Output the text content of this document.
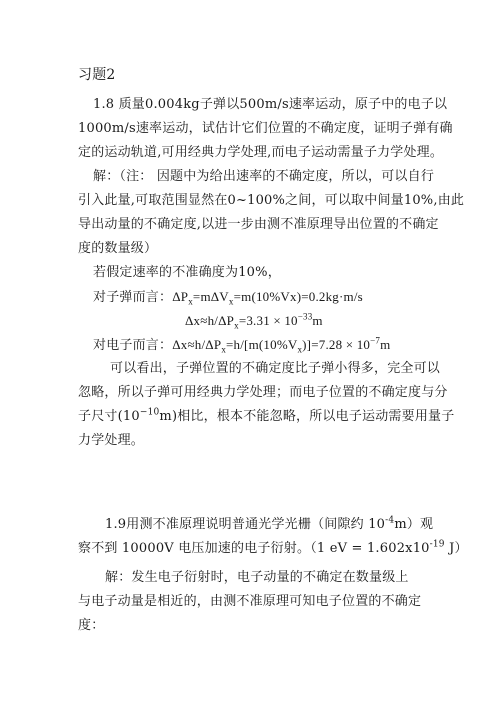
习题2
1.8 质量0.004kg子弹以500m/s速率运动，原子中的电子以
1000m/s速率运动，试估计它们位置的不确定度，证明子弹有确
定的运动轨道,可用经典力学处理,而电子运动需量子力学处理。
解：（注： 因题中为给出速率的不确定度，所以，可以自行
引入此量,可取范围显然在0~100%之间，可以取中间量10%,由此
导出动量的不确定度,以进一步由测不准原理导出位置的不确定
度的数量级）
若假定速率的不准确度为10%，
对子弹而言：$\Delta P_x=m\Delta V_x=m(10\%Vx)=0.2kg\cdot m/s$
$\Delta x\approx h/\Delta P_x=3.31 \times 10^{-33}m$
对电子而言：$\Delta x\approx h/\Delta P_x=h/[m(10\%V_x)]=7.28 \times 10^{-7}m$
可以看出，子弹位置的不确定度比子弹小得多，完全可以
忽略，所以子弹可用经典力学处理；而电子位置的不确定度与分
子尺寸$(10^{-10}m)$相比，根本不能忽略，所以电子运动需要用量子
力学处理。
1.9用测不准原理说明普通光学光栅（间隙约 $10^{-4}m$）观
察不到 10000V 电压加速的电子衍射。（1 eV = $1.602x10^{-19}$ J）
解：发生电子衍射时，电子动量的不确定在数量级上
与电子动量是相近的，由测不准原理可知电子位置的不确定
度：
